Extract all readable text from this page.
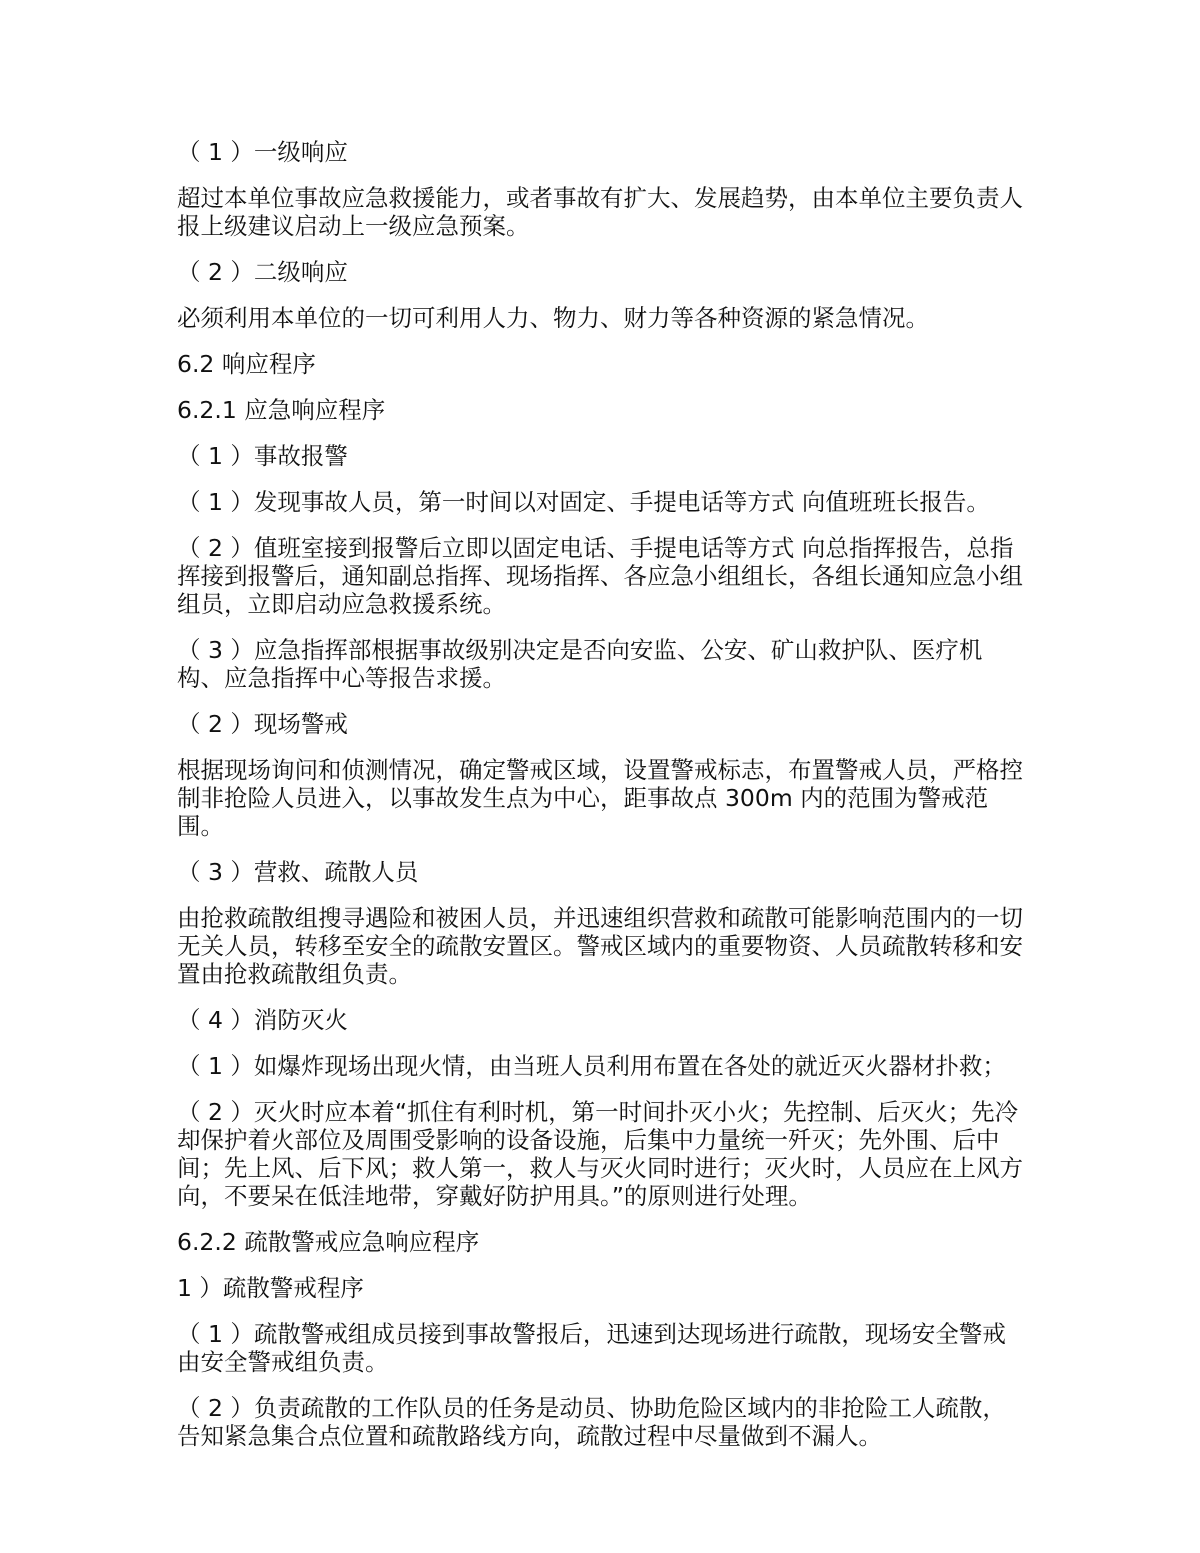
（ 1 ）一级响应

超过本单位事故应急救援能力，或者事故有扩大、发展趋势，由本单位主要负责人报上级建议启动上一级应急预案。

（ 2 ）二级响应

必须利用本单位的一切可利用人力、物力、财力等各种资源的紧急情况。

6.2 响应程序

6.2.1 应急响应程序

（ 1 ）事故报警

（ 1 ）发现事故人员，第一时间以对固定、手提电话等方式 向值班班长报告。

（ 2 ）值班室接到报警后立即以固定电话、手提电话等方式 向总指挥报告，总指挥接到报警后，通知副总指挥、现场指挥、各应急小组组长，各组长通知应急小组组员，立即启动应急救援系统。

（ 3 ）应急指挥部根据事故级别决定是否向安监、公安、矿山救护队、医疗机构、应急指挥中心等报告求援。

（ 2 ）现场警戒

根据现场询问和侦测情况，确定警戒区域，设置警戒标志，布置警戒人员，严格控制非抢险人员进入，以事故发生点为中心，距事故点 300m 内的范围为警戒范围。

（ 3 ）营救、疏散人员

由抢救疏散组搜寻遇险和被困人员，并迅速组织营救和疏散可能影响范围内的一切无关人员，转移至安全的疏散安置区。警戒区域内的重要物资、人员疏散转移和安置由抢救疏散组负责。

（ 4 ）消防灭火

（ 1 ）如爆炸现场出现火情，由当班人员利用布置在各处的就近灭火器材扑救；

（ 2 ）灭火时应本着“抓住有利时机，第一时间扑灭小火；先控制、后灭火；先冷却保护着火部位及周围受影响的设备设施，后集中力量统一歼灭；先外围、后中间；先上风、后下风；救人第一，救人与灭火同时进行；灭火时，人员应在上风方向，不要呆在低洼地带，穿戴好防护用具。”的原则进行处理。

6.2.2 疏散警戒应急响应程序

1 ）疏散警戒程序

（ 1 ）疏散警戒组成员接到事故警报后，迅速到达现场进行疏散，现场安全警戒由安全警戒组负责。

（ 2 ）负责疏散的工作队员的任务是动员、协助危险区域内的非抢险工人疏散，告知紧急集合点位置和疏散路线方向，疏散过程中尽量做到不漏人。
